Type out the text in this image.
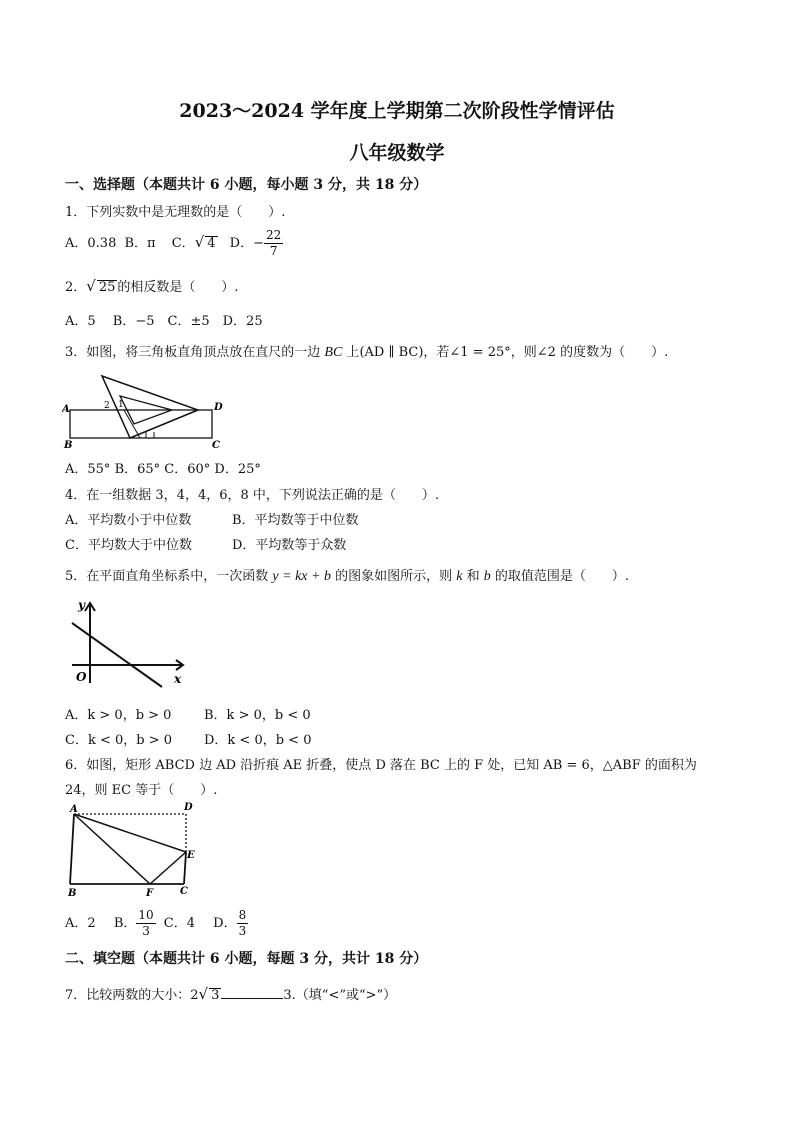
2023～2024 学年度上学期第二次阶段性学情评估
八年级数学
一、选择题（本题共计 6 小题，每小题 3 分，共 18 分）
1．下列实数中是无理数的是（　　）.
A．0.38 B．π C．√ 4 D．− $\frac{22}{7}$
2．√ 25 的相反数是（　　）.
A．5　 B．−5　C．±5　D．25
3．如图，将三角板直角顶点放在直尺的一边 BC 上(AD ∥ BC)，若∠1 = 25°，则∠2 的度数为（　　）.
A	2 1	D
B	C
A．55° B．65° C．60° D．25°
4．在一组数据 3，4，4，6，8 中，下列说法正确的是（　　）.
A．平均数小于中位数	B．平均数等于中位数
C．平均数大于中位数	D．平均数等于众数
5．在平面直角坐标系中，一次函数 y = kx + b 的图象如图所示，则 k 和 b 的取值范围是（　　）.
y
x
O
A．k > 0，b > 0	B．k > 0，b < 0
C．k < 0，b > 0 D．k < 0，b < 0
6．如图，矩形 ABCD 边 AD 沿折痕 AE 折叠，使点 D 落在 BC 上的 F 处，已知 AB = 6，△ABF 的面积为
24，则 EC 等于（　　）.
A	D
E
B	F	C
A．2 B． $\frac{10}{3}$ C．4 D． $\frac{8}{3}$
二、填空题（本题共计 6 小题，每题 3 分，共计 18 分）
7．比较两数的大小：2√ 3	3.（填“<”或“>”）
